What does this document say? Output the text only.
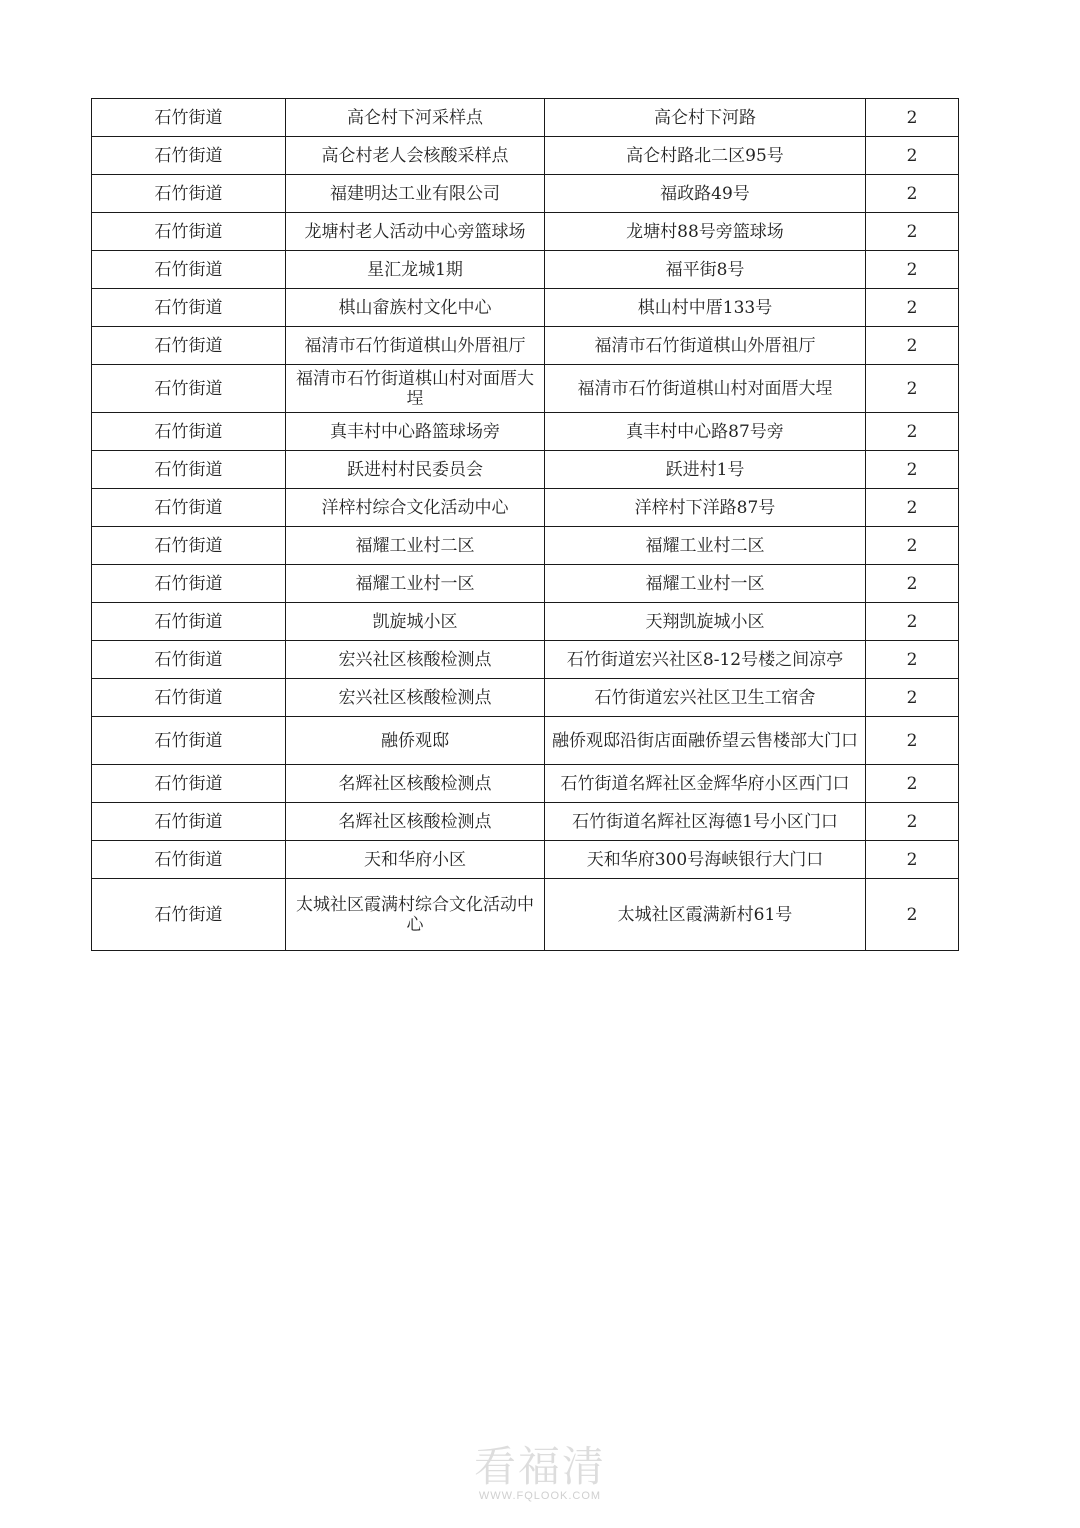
石竹街道	高仑村下河采样点	高仑村下河路	2
石竹街道	高仑村老人会核酸采样点	高仑村路北二区95号	2
石竹街道	福建明达工业有限公司	福政路49号	2
石竹街道	龙塘村老人活动中心旁篮球场	龙塘村88号旁篮球场	2
石竹街道	星汇龙城1期	福平街8号	2
石竹街道	棋山畲族村文化中心	棋山村中厝133号	2
石竹街道	福清市石竹街道棋山外厝祖厅	福清市石竹街道棋山外厝祖厅	2
石竹街道	福清市石竹街道棋山村对面厝大埕	福清市石竹街道棋山村对面厝大埕	2
石竹街道	真丰村中心路篮球场旁	真丰村中心路87号旁	2
石竹街道	跃进村村民委员会	跃进村1号	2
石竹街道	洋梓村综合文化活动中心	洋梓村下洋路87号	2
石竹街道	福耀工业村二区	福耀工业村二区	2
石竹街道	福耀工业村一区	福耀工业村一区	2
石竹街道	凯旋城小区	天翔凯旋城小区	2
石竹街道	宏兴社区核酸检测点	石竹街道宏兴社区8-12号楼之间凉亭	2
石竹街道	宏兴社区核酸检测点	石竹街道宏兴社区卫生工宿舍	2
石竹街道	融侨观邸	融侨观邸沿街店面融侨望云售楼部大门口	2
石竹街道	名辉社区核酸检测点	石竹街道名辉社区金辉华府小区西门口	2
石竹街道	名辉社区核酸检测点	石竹街道名辉社区海德1号小区门口	2
石竹街道	天和华府小区	天和华府300号海峡银行大门口	2
石竹街道	太城社区霞满村综合文化活动中心	太城社区霞满新村61号	2
看福清
WWW.FQLOOK.COM
